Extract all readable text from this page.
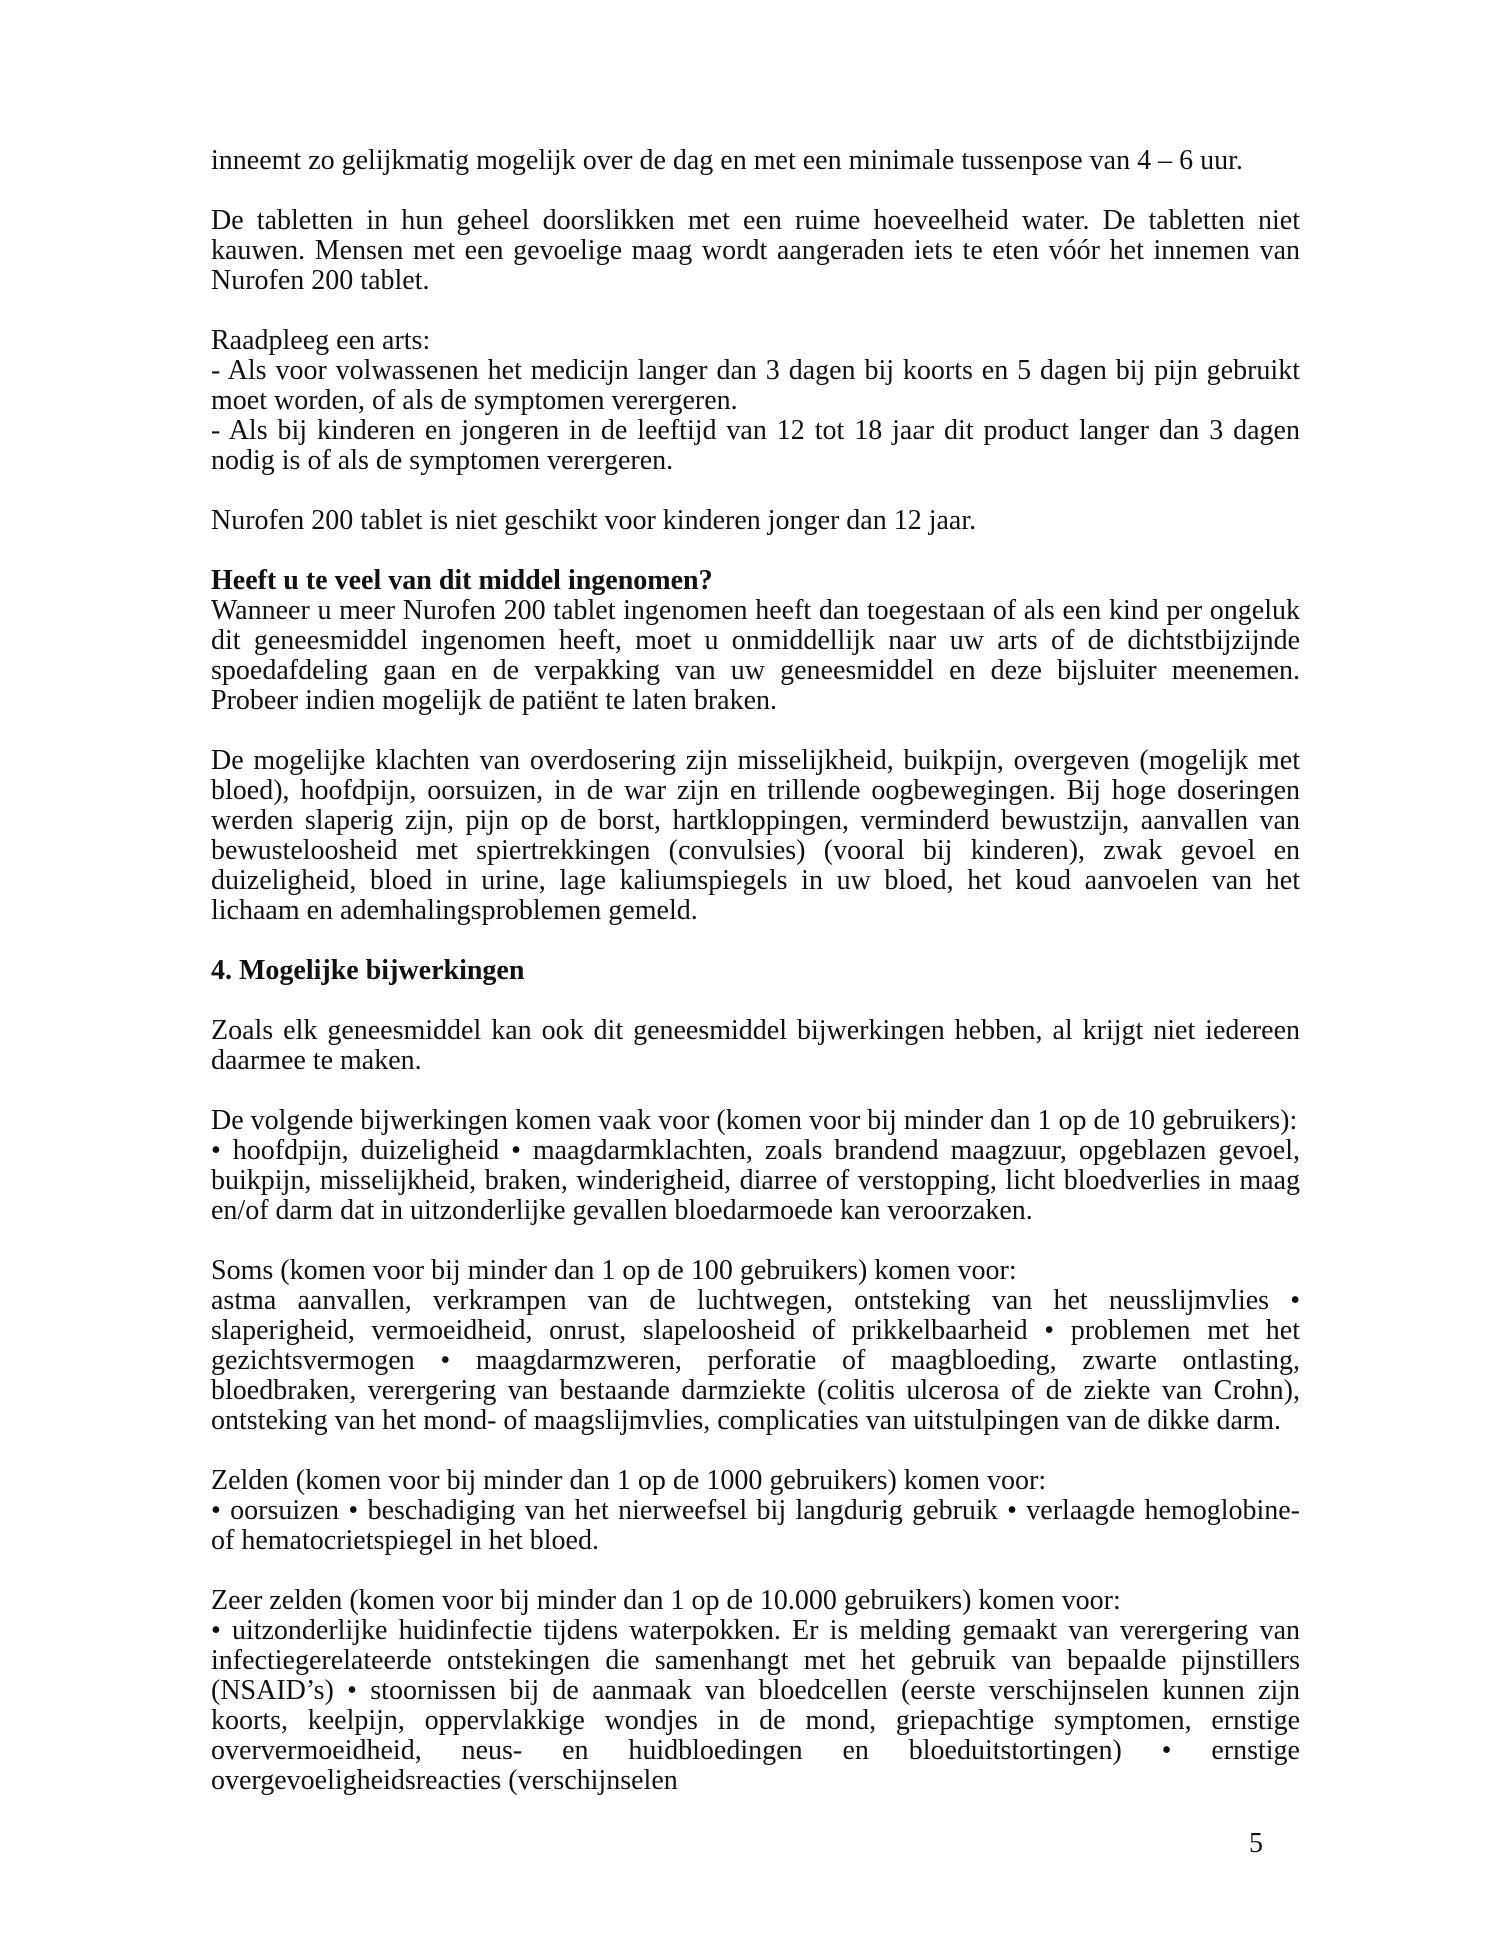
inneemt zo gelijkmatig mogelijk over de dag en met een minimale tussenpose van 4 – 6 uur.

De tabletten in hun geheel doorslikken met een ruime hoeveelheid water. De tabletten niet kauwen. Mensen met een gevoelige maag wordt aangeraden iets te eten vóór het innemen van Nurofen 200 tablet.

Raadpleeg een arts:

- Als voor volwassenen het medicijn langer dan 3 dagen bij koorts en 5 dagen bij pijn gebruikt moet worden, of als de symptomen verergeren.

- Als bij kinderen en jongeren in de leeftijd van 12 tot 18 jaar dit product langer dan 3 dagen nodig is of als de symptomen verergeren.

Nurofen 200 tablet is niet geschikt voor kinderen jonger dan 12 jaar.

Heeft u te veel van dit middel ingenomen?

Wanneer u meer Nurofen 200 tablet ingenomen heeft dan toegestaan of als een kind per ongeluk dit geneesmiddel ingenomen heeft, moet u onmiddellijk naar uw arts of de dichtstbijzijnde spoedafdeling gaan en de verpakking van uw geneesmiddel en deze bijsluiter meenemen. Probeer indien mogelijk de patiënt te laten braken.

De mogelijke klachten van overdosering zijn misselijkheid, buikpijn, overgeven (mogelijk met bloed), hoofdpijn, oorsuizen, in de war zijn en trillende oogbewegingen. Bij hoge doseringen werden slaperig zijn, pijn op de borst, hartkloppingen, verminderd bewustzijn, aanvallen van bewusteloosheid met spiertrekkingen (convulsies) (vooral bij kinderen), zwak gevoel en duizeligheid, bloed in urine, lage kaliumspiegels in uw bloed, het koud aanvoelen van het lichaam en ademhalingsproblemen gemeld.

4. Mogelijke bijwerkingen

Zoals elk geneesmiddel kan ook dit geneesmiddel bijwerkingen hebben, al krijgt niet iedereen daarmee te maken.

De volgende bijwerkingen komen vaak voor (komen voor bij minder dan 1 op de 10 gebruikers):

• hoofdpijn, duizeligheid • maagdarmklachten, zoals brandend maagzuur, opgeblazen gevoel, buikpijn, misselijkheid, braken, winderigheid, diarree of verstopping, licht bloedverlies in maag en/of darm dat in uitzonderlijke gevallen bloedarmoede kan veroorzaken.

Soms (komen voor bij minder dan 1 op de 100 gebruikers) komen voor:

astma aanvallen, verkrampen van de luchtwegen, ontsteking van het neusslijmvlies • slaperigheid, vermoeidheid, onrust, slapeloosheid of prikkelbaarheid • problemen met het gezichtsvermogen • maagdarmzweren, perforatie of maagbloeding, zwarte ontlasting, bloedbraken, verergering van bestaande darmziekte (colitis ulcerosa of de ziekte van Crohn), ontsteking van het mond- of maagslijmvlies, complicaties van uitstulpingen van de dikke darm.

Zelden (komen voor bij minder dan 1 op de 1000 gebruikers) komen voor:

• oorsuizen • beschadiging van het nierweefsel bij langdurig gebruik • verlaagde hemoglobine- of hematocrietspiegel in het bloed.

Zeer zelden (komen voor bij minder dan 1 op de 10.000 gebruikers) komen voor:

• uitzonderlijke huidinfectie tijdens waterpokken. Er is melding gemaakt van verergering van infectiegerelateerde ontstekingen die samenhangt met het gebruik van bepaalde pijnstillers (NSAID’s) • stoornissen bij de aanmaak van bloedcellen (eerste verschijnselen kunnen zijn koorts, keelpijn, oppervlakkige wondjes in de mond, griepachtige symptomen, ernstige oververmoeidheid, neus- en huidbloedingen en bloeduitstortingen) • ernstige overgevoeligheidsreacties (verschijnselen

5
